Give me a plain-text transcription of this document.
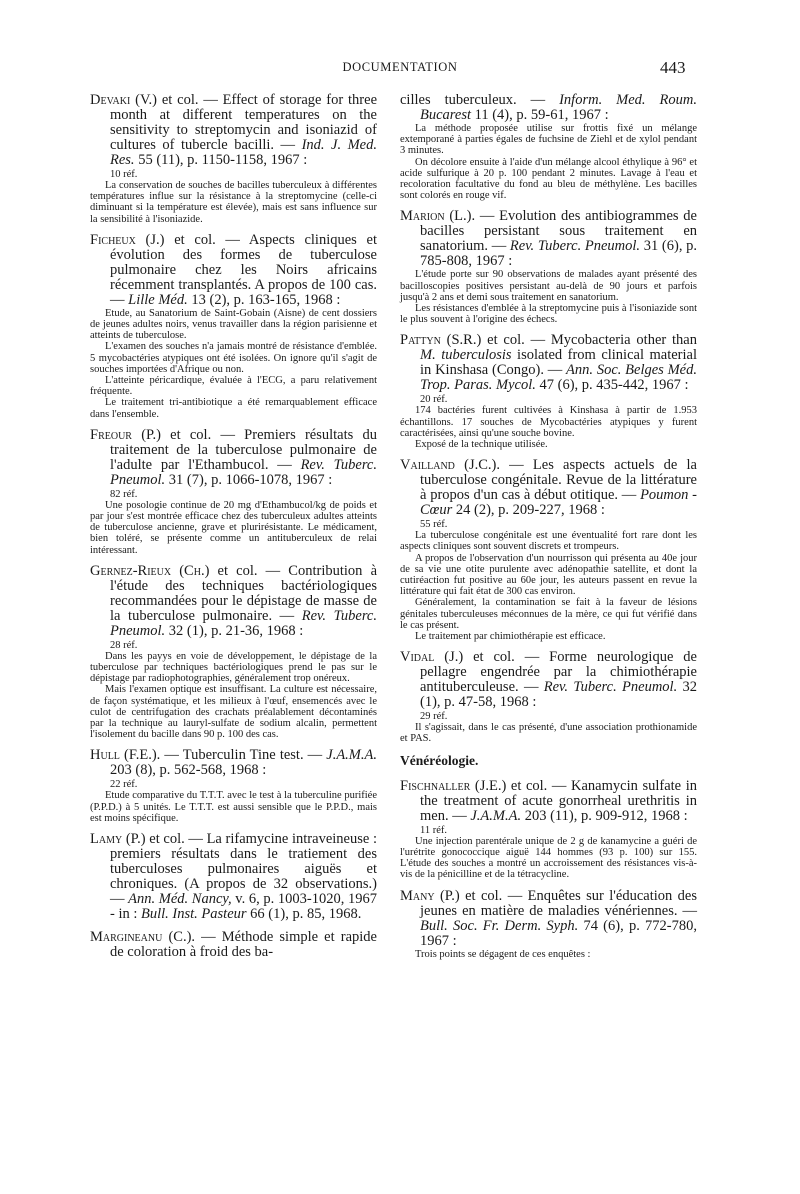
DOCUMENTATION	443

Devaki (V.) et col. — Effect of storage for three month at different temperatures on the sensitivity to streptomycin and isoniazid of cultures of tubercle bacilli. — Ind. J. Med. Res. 55 (11), p. 1150-1158, 1967 :

10 réf.

La conservation de souches de bacilles tuberculeux à différentes températures influe sur la résistance à la streptomycine (celle-ci diminuant si la température est élevée), mais est sans influence sur la sensibilité à l'isoniazide.

Ficheux (J.) et col. — Aspects cliniques et évolution des formes de tuberculose pulmonaire chez les Noirs africains récemment transplantés. A propos de 100 cas. — Lille Méd. 13 (2), p. 163-165, 1968 :

Etude, au Sanatorium de Saint-Gobain (Aisne) de cent dossiers de jeunes adultes noirs, venus travailler dans la région parisienne et atteints de tuberculose.

L'examen des souches n'a jamais montré de résistance d'emblée. 5 mycobactéries atypiques ont été isolées. On ignore qu'il s'agit de souches importées d'Afrique ou non.

L'atteinte péricardique, évaluée à l'ECG, a paru relativement fréquente.

Le traitement tri-antibiotique a été remarquablement efficace dans l'ensemble.

Freour (P.) et col. — Premiers résultats du traitement de la tuberculose pulmonaire de l'adulte par l'Ethambucol. — Rev. Tuberc. Pneumol. 31 (7), p. 1066-1078, 1967 :

82 réf.

Une posologie continue de 20 mg d'Ethambucol/kg de poids et par jour s'est montrée efficace chez des tuberculeux adultes atteints de tuberculose ancienne, grave et plurirésistante. Le médicament, bien toléré, se présente comme un antituberculeux de relai intéressant.

Gernez-Rieux (Ch.) et col. — Contribution à l'étude des techniques bactériologiques recommandées pour le dépistage de masse de la tuberculose pulmonaire. — Rev. Tuberc. Pneumol. 32 (1), p. 21-36, 1968 :

28 réf.

Dans les payys en voie de développement, le dépistage de la tuberculose par techniques bactériologiques prend le pas sur le dépistage par radiophotographies, généralement trop onéreux.

Mais l'examen optique est insuffisant. La culture est nécessaire, de façon systématique, et les milieux à l'œuf, ensemencés avec le culot de centrifugation des crachats préalablement décontaminés par la technique au lauryl-sulfate de sodium alcalin, permettent l'isolement du bacille dans 90 p. 100 des cas.

Hull (F.E.). — Tuberculin Tine test. — J.A.M.A. 203 (8), p. 562-568, 1968 :

22 réf.

Etude comparative du T.T.T. avec le test à la tuberculine purifiée (P.P.D.) à 5 unités. Le T.T.T. est aussi sensible que le P.P.D., mais est moins spécifique.

Lamy (P.) et col. — La rifamycine intraveineuse : premiers résultats dans le tratiement des tuberculoses pulmonaires aiguës et chroniques. (A propos de 32 observations.) — Ann. Méd. Nancy, v. 6, p. 1003-1020, 1967 - in : Bull. Inst. Pasteur 66 (1), p. 85, 1968.

Margineanu (C.). — Méthode simple et rapide de coloration à froid des ba-

cilles tuberculeux. — Inform. Med. Roum. Bucarest 11 (4), p. 59-61, 1967 :

La méthode proposée utilise sur frottis fixé un mélange extemporané à parties égales de fuchsine de Ziehl et de xylol pendant 3 minutes.

On décolore ensuite à l'aide d'un mélange alcool éthylique à 96° et acide sulfurique à 20 p. 100 pendant 2 minutes. Lavage à l'eau et recoloration facultative du fond au bleu de méthylène. Les bacilles sont colorés en rouge vif.

Marion (L.). — Evolution des antibiogrammes de bacilles persistant sous traitement en sanatorium. — Rev. Tuberc. Pneumol. 31 (6), p. 785-808, 1967 :

L'étude porte sur 90 observations de malades ayant présenté des bacilloscopies positives persistant au-delà de 90 jours et parfois jusqu'à 2 ans et demi sous traitement en sanatorium.

Les résistances d'emblée à la streptomycine puis à l'isoniazide sont le plus souvent à l'origine des échecs.

Pattyn (S.R.) et col. — Mycobacteria other than M. tuberculosis isolated from clinical material in Kinshasa (Congo). — Ann. Soc. Belges Méd. Trop. Paras. Mycol. 47 (6), p. 435-442, 1967 :

20 réf.

174 bactéries furent cultivées à Kinshasa à partir de 1.953 échantillons. 17 souches de Mycobactéries atypiques y furent caractérisées, ainsi qu'une souche bovine.

Exposé de la technique utilisée.

Vailland (J.C.). — Les aspects actuels de la tuberculose congénitale. Revue de la littérature à propos d'un cas à début otitique. — Poumon - Cœur 24 (2), p. 209-227, 1968 :

55 réf.

La tuberculose congénitale est une éventualité fort rare dont les aspects cliniques sont souvent discrets et trompeurs.

A propos de l'observation d'un nourrisson qui présenta au 40e jour de sa vie une otite purulente avec adénopathie satellite, et dont la cutiréaction fut positive au 60e jour, les auteurs passent en revue la littérature qui fait état de 300 cas environ.

Généralement, la contamination se fait à la faveur de lésions génitales tuberculeuses méconnues de la mère, ce qui fut vérifié dans le cas présent.

Le traitement par chimiothérapie est efficace.

Vidal (J.) et col. — Forme neurologique de pellagre engendrée par la chimiothérapie antituberculeuse. — Rev. Tuberc. Pneumol. 32 (1), p. 47-58, 1968 :

29 réf.

Il s'agissait, dans le cas présenté, d'une association prothionamide et PAS.

Vénéréologie.

Fischnaller (J.E.) et col. — Kanamycin sulfate in the treatment of acute gonorrheal urethritis in men. — J.A.M.A. 203 (11), p. 909-912, 1968 :

11 réf.

Une injection parentérale unique de 2 g de kanamycine a guéri de l'urétrite gonococcique aiguë 144 hommes (93 p. 100) sur 155. L'étude des souches a montré un accroissement des résistances vis-à-vis de la pénicilline et de la tétracycline.

Many (P.) et col. — Enquêtes sur l'éducation des jeunes en matière de maladies vénériennes. — Bull. Soc. Fr. Derm. Syph. 74 (6), p. 772-780, 1967 :

Trois points se dégagent de ces enquêtes :
